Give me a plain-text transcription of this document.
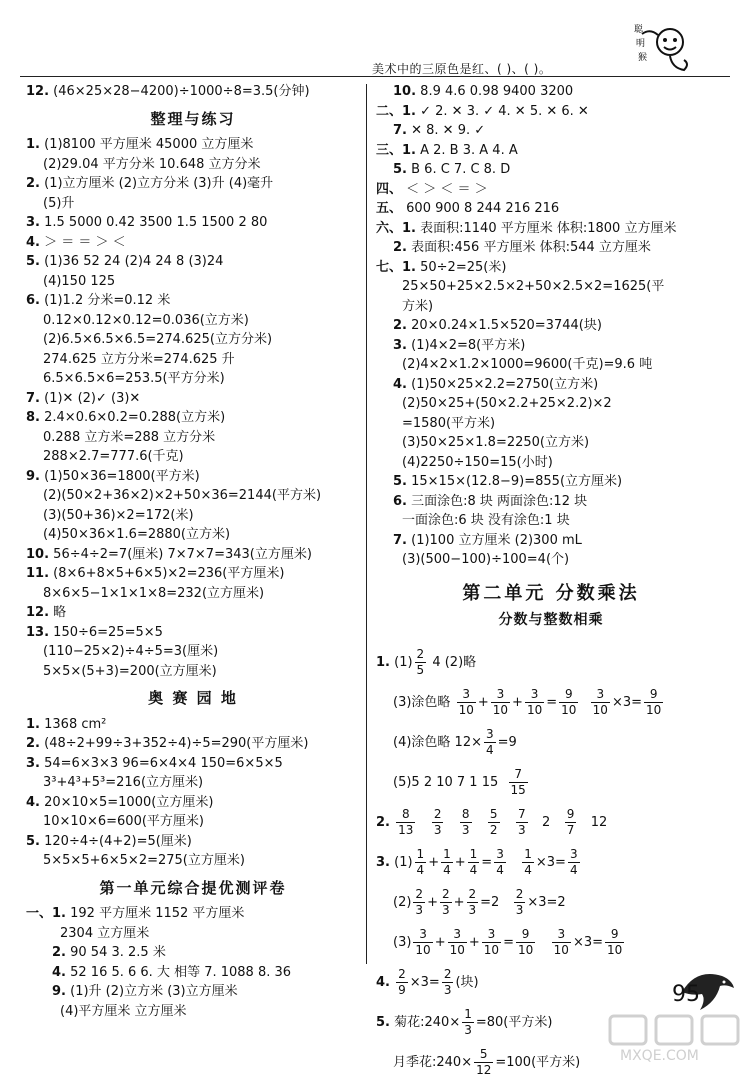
美术中的三原色是红、( )、( )。
聪
明
猴
12. (46×25×28−4200)÷1000÷8=3.5(分钟)
整理与练习
1. (1)8100 平方厘米 45000 立方厘米
(2)29.04 平方分米 10.648 立方分米
2. (1)立方厘米 (2)立方分米 (3)升 (4)毫升
(5)升
3. 1.5 5000 0.42 3500 1.5 1500 2 80
4. ＞ ＝ ＝ ＞ ＜
5. (1)36 52 24 (2)4 24 8 (3)24
(4)150 125
6. (1)1.2 分米=0.12 米
0.12×0.12×0.12=0.036(立方米)
(2)6.5×6.5×6.5=274.625(立方分米)
274.625 立方分米=274.625 升
6.5×6.5×6=253.5(平方分米)
7. (1)✕ (2)✓ (3)✕
8. 2.4×0.6×0.2=0.288(立方米)
0.288 立方米=288 立方分米
288×2.7=777.6(千克)
9. (1)50×36=1800(平方米)
(2)(50×2+36×2)×2+50×36=2144(平方米)
(3)(50+36)×2=172(米)
(4)50×36×1.6=2880(立方米)
10. 56÷4÷2=7(厘米) 7×7×7=343(立方厘米)
11. (8×6+8×5+6×5)×2=236(平方厘米)
8×6×5−1×1×1×8=232(立方厘米)
12. 略
13. 150÷6=25=5×5
(110−25×2)÷4÷5=3(厘米)
5×5×(5+3)=200(立方厘米)
奥 赛 园 地
1. 1368 cm²
2. (48÷2+99÷3+352÷4)÷5=290(平方厘米)
3. 54=6×3×3 96=6×4×4 150=6×5×5
3³+4³+5³=216(立方厘米)
4. 20×10×5=1000(立方厘米)
10×10×6=600(平方厘米)
5. 120÷4÷(4+2)=5(厘米)
5×5×5+6×5×2=275(立方厘米)
第一单元综合提优测评卷
一、1. 192 平方厘米 1152 平方厘米
2304 立方厘米
2. 90 54 3. 2.5 米
4. 52 16 5. 6 6. 大 相等 7. 1088 8. 36
9. (1)升 (2)立方米 (3)立方厘米
(4)平方厘米 立方厘米
10. 8.9 4.6 0.98 9400 3200
二、1. ✓ 2. ✕ 3. ✓ 4. ✕ 5. ✕ 6. ✕
7. ✕ 8. ✕ 9. ✓
三、1. A 2. B 3. A 4. A
5. B 6. C 7. C 8. D
四、 ＜ ＞ ＜ ＝ ＞
五、 600 900 8 244 216 216
六、1. 表面积:1140 平方厘米 体积:1800 立方厘米
2. 表面积:456 平方厘米 体积:544 立方厘米
七、1. 50÷2=25(米)
25×50+25×2.5×2+50×2.5×2=1625(平
方米)
2. 20×0.24×1.5×520=3744(块)
3. (1)4×2=8(平方米)
(2)4×2×1.2×1000=9600(千克)=9.6 吨
4. (1)50×25×2.2=2750(立方米)
(2)50×25+(50×2.2+25×2.2)×2
=1580(平方米)
(3)50×25×1.8=2250(立方米)
(4)2250÷150=15(小时)
5. 15×15×(12.8−9)=855(立方厘米)
6. 三面涂色:8 块 两面涂色:12 块
一面涂色:6 块 没有涂色:1 块
7. (1)100 立方厘米 (2)300 mL
(3)(500−100)÷100=4(个)
第二单元 分数乘法
分数与整数相乘
1. $(1) \frac{2}{5} 4$ (2)略
(3)涂色略 $\frac{3}{10} + \frac{3}{10} + \frac{3}{10} = \frac{9}{10}$
$\frac{3}{10} \times 3= \frac{9}{10}$
(4)涂色略 $12\times \frac{3}{4} =9$
(5)5 2 10 7 1 $15 \frac{7}{15}$
2. $\frac{8}{13}$
$\frac{2}{3}$
$\frac{8}{3}$
$\frac{5}{2}$
$\frac{7}{3} 2 \frac{9}{7} 12$
3. $(1) \frac{1}{4} + \frac{1}{4} + \frac{1}{4} = \frac{3}{4}$
$\frac{1}{4} \times 3= \frac{3}{4}$
$(2) \frac{2}{3} + \frac{2}{3} + \frac{2}{3} =2 \frac{2}{3} \times 3=2$
$(3) \frac{3}{10} + \frac{3}{10} + \frac{3}{10} = \frac{9}{10}$
$\frac{3}{10} \times 3= \frac{9}{10}$
4. $\frac{2}{9} \times 3= \frac{2}{3}$ (块)
5. 菊花:240× $\frac{1}{3} =80$(平方米)
月季花:240× $\frac{5}{12} =100$(平方米)
95
MXQE.COM
